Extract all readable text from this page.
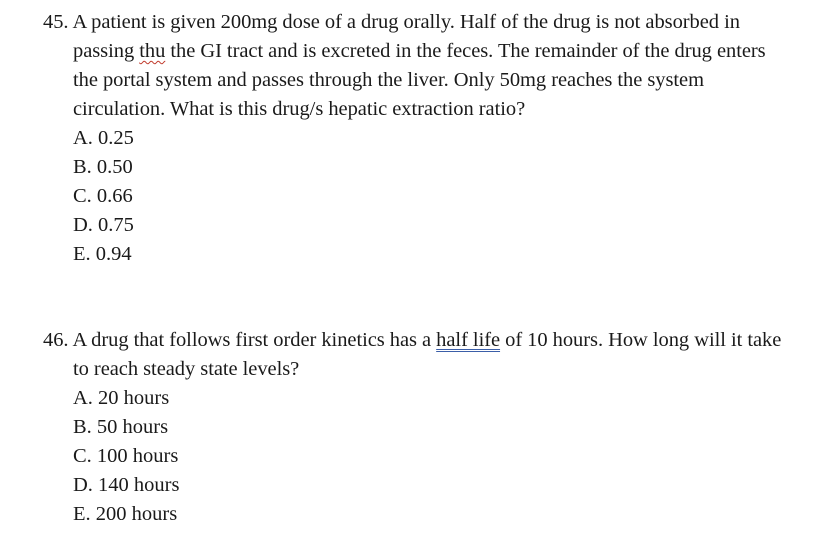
45. A patient is given 200mg dose of a drug orally. Half of the drug is not absorbed in passing thu the GI tract and is excreted in the feces. The remainder of the drug enters the portal system and passes through the liver. Only 50mg reaches the system circulation. What is this drug/s hepatic extraction ratio?

A. 0.25
B. 0.50
C. 0.66
D. 0.75
E. 0.94

46. A drug that follows first order kinetics has a half life of 10 hours. How long will it take to reach steady state levels?

A. 20 hours
B. 50 hours
C. 100 hours
D. 140 hours
E. 200 hours
